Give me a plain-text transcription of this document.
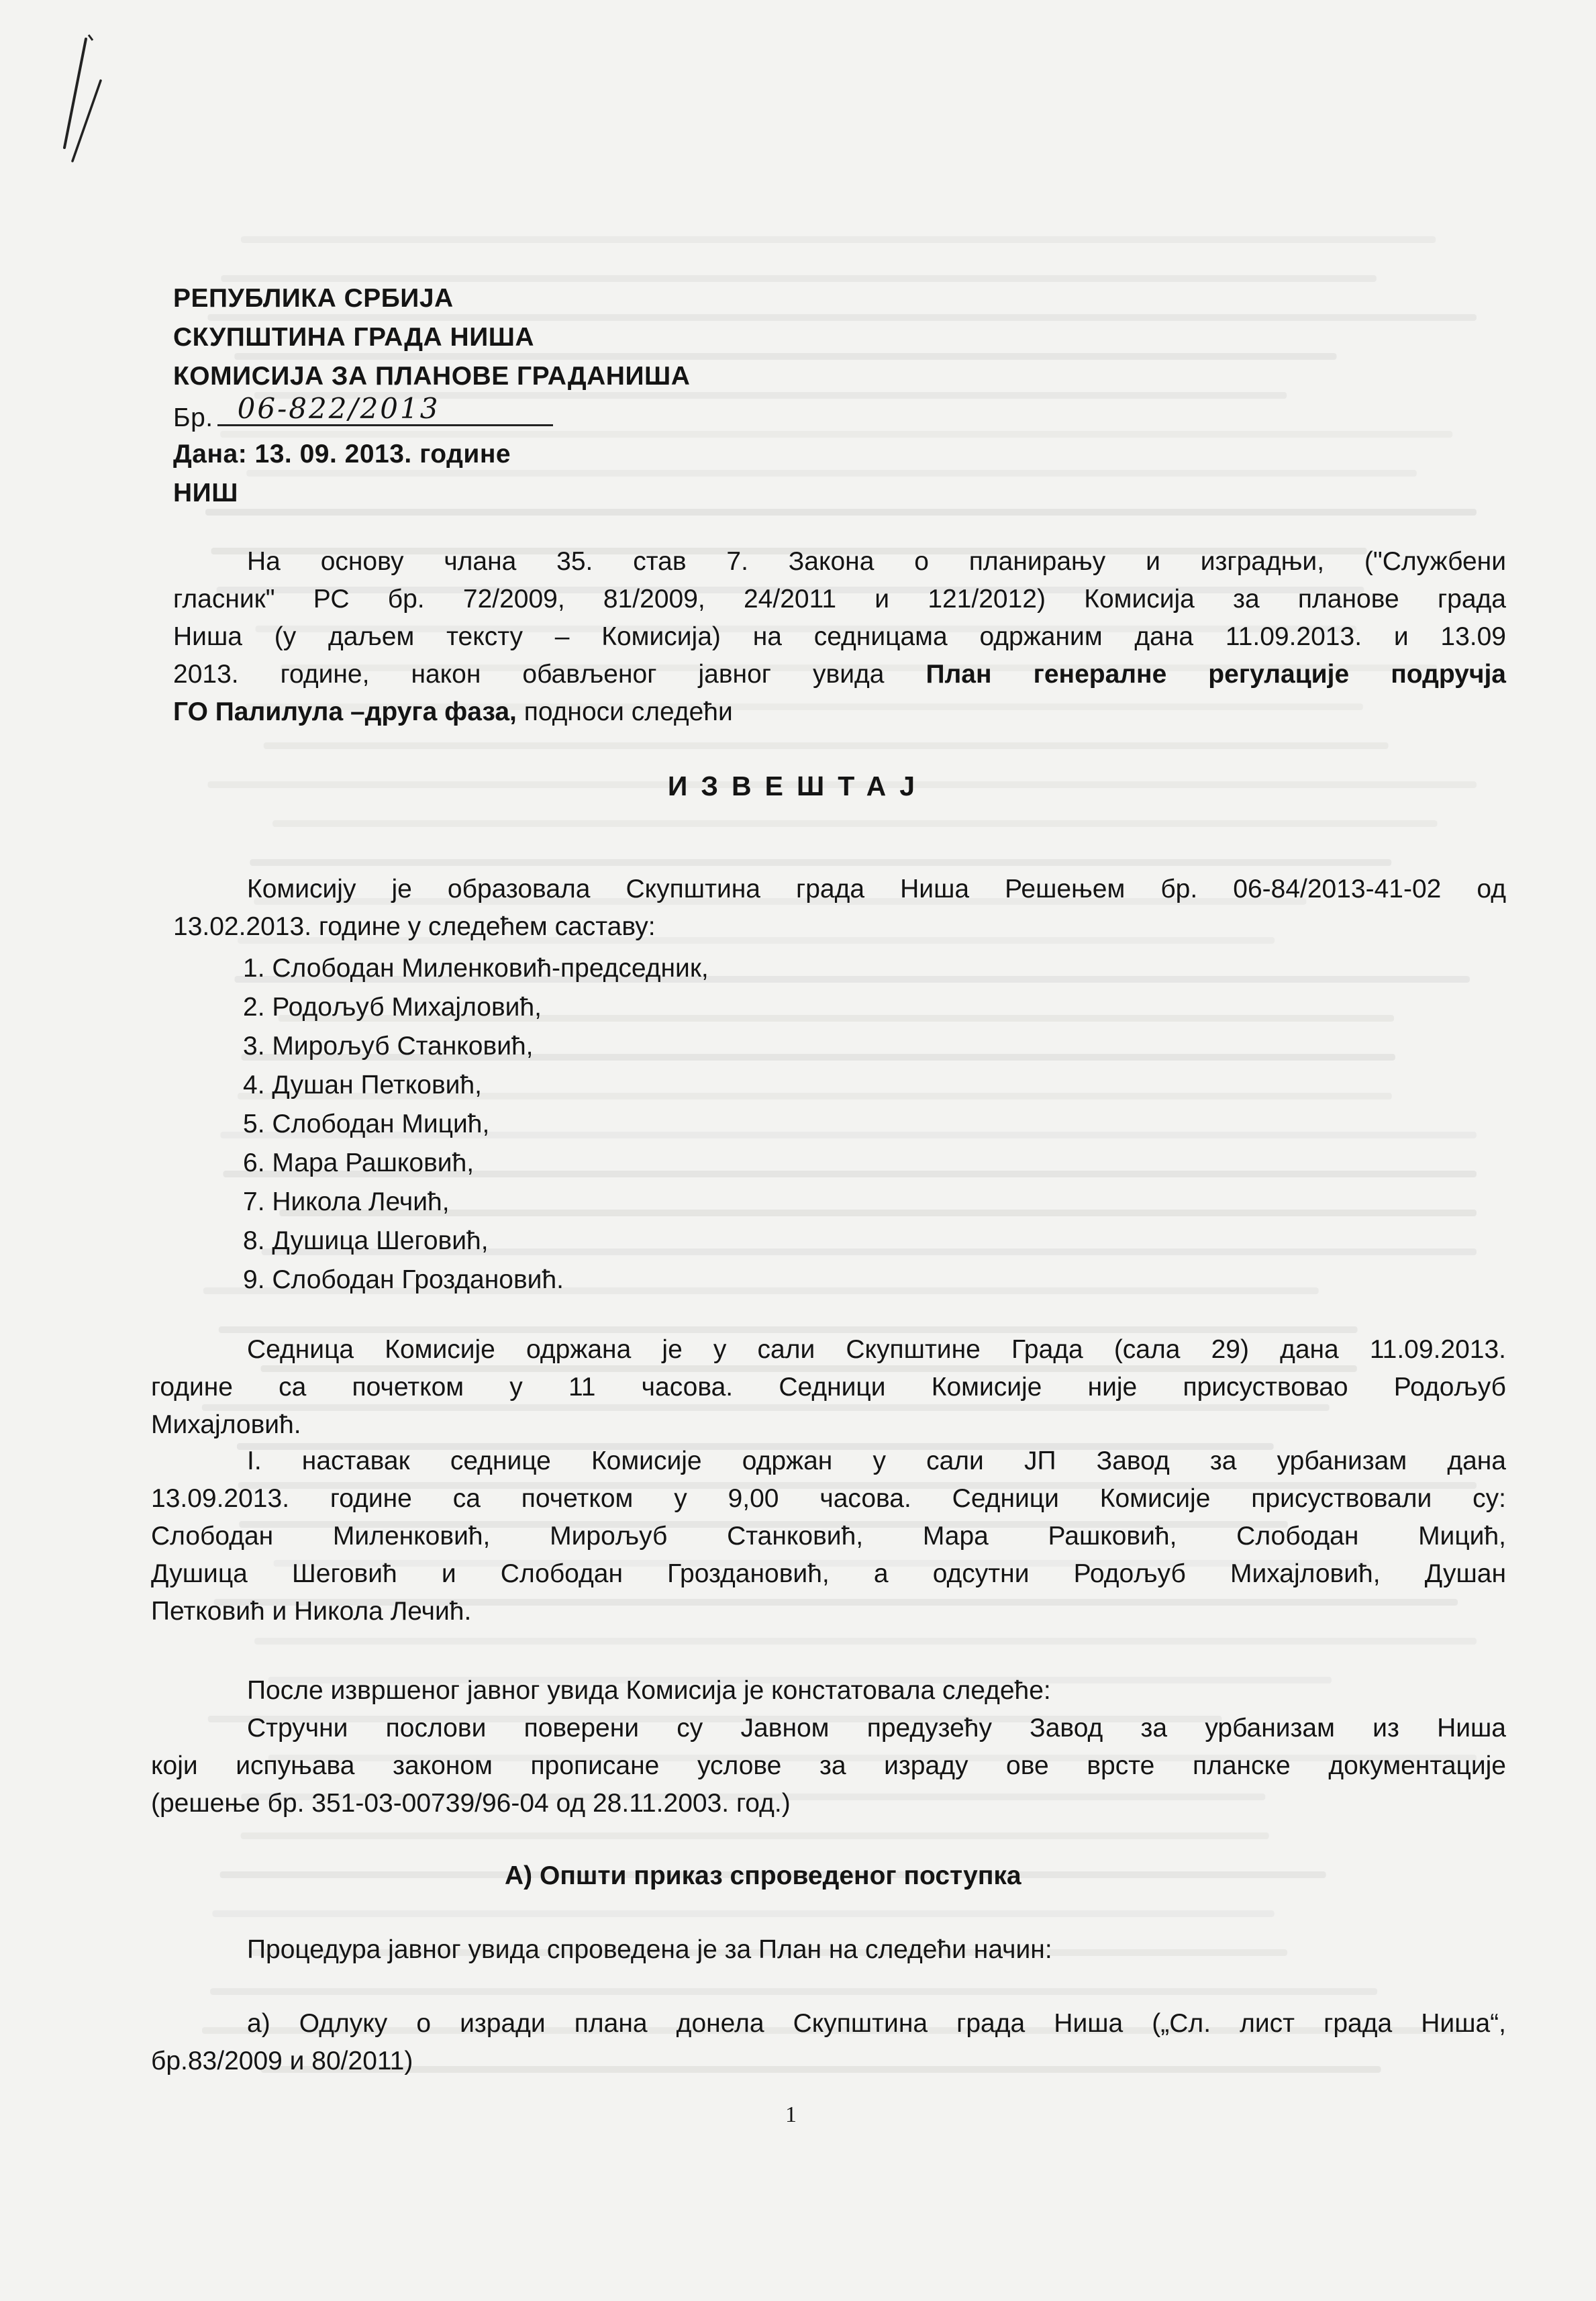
РЕПУБЛИКА СРБИЈА
СКУПШТИНА ГРАДА НИША
КОМИСИЈА ЗА ПЛАНОВЕ ГРАДАНИША
Бр. 06-822/2013
Дана: 13. 09. 2013. године
НИШ
На основу члана 35. став 7. Закона о планирању и изградњи, ("Службени
гласник" РС бр. 72/2009, 81/2009, 24/2011 и 121/2012) Комисија за планове града
Ниша (у даљем тексту – Комисија) на седницама одржаним дана 11.09.2013. и 13.09
2013. године, након обављеног јавног увида План генералне регулације подручја
ГО Палилула –друга фаза, подноси следећи
ИЗВЕШТАЈ
Комисију је образовала Скупштина града Ниша Решењем бр. 06-84/2013-41-02 од
13.02.2013. године у следећем саставу:
1. Слободан Миленковић-председник,
2. Родољуб Михајловић,
3. Мирољуб Станковић,
4. Душан Петковић,
5. Слободан Мицић,
6. Мара Рашковић,
7. Никола Лечић,
8. Душица Шеговић,
9. Слободан Гроздановић.
Седница Комисије одржана је у сали Скупштине Града (сала 29) дана 11.09.2013.
године са почетком у 11 часова. Седници Комисије није присуствовао Родољуб
Михајловић.
I. наставак седнице Комисије одржан у сали ЈП Завод за урбанизам дана
13.09.2013. године са почетком у 9,00 часова. Седници Комисије присуствовали су:
Слободан Миленковић, Мирољуб Станковић, Мара Рашковић, Слободан Мицић,
Душица Шеговић и Слободан Гроздановић, а одсутни Родољуб Михајловић, Душан
Петковић и Никола Лечић.
После извршеног јавног увида Комисија је констатовала следеће:
Стручни послови поверени су Јавном предузећу Завод за урбанизам из Ниша
који испуњава законом прописане услове за израду ове врсте планске документације
(решење бр. 351-03-00739/96-04 од 28.11.2003. год.)
А) Општи приказ спроведеног поступка
Процедура јавног увида спроведена је за План на следећи начин:
а) Одлуку о изради плана донела Скупштина града Ниша („Сл. лист града Ниша“,
бр.83/2009 и 80/2011)
1
